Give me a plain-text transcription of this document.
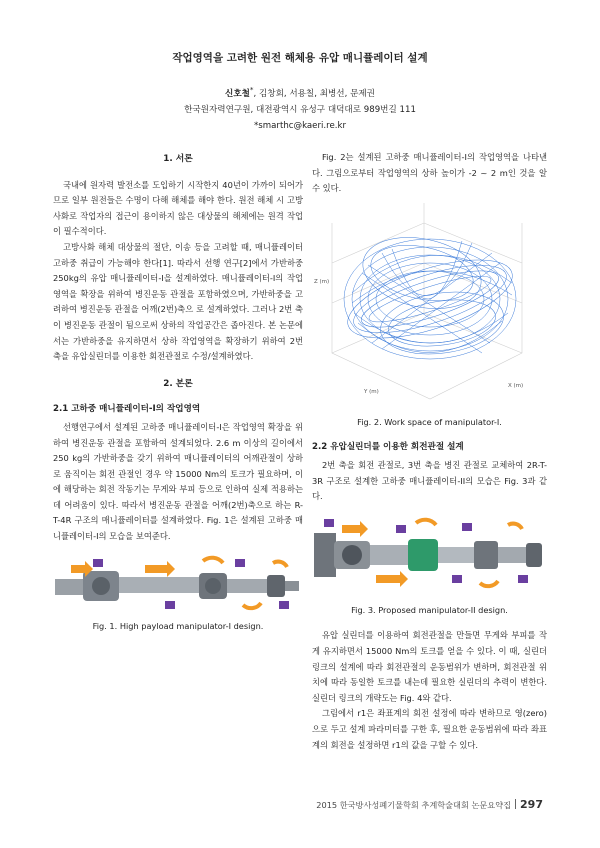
작업영역을 고려한 원전 해체용 유압 매니퓰레이터 설계
신호철*, 김창회, 서용칠, 최병선, 문제권
한국원자력연구원, 대전광역시 유성구 대덕대로 989번길 111
*smarthc@kaeri.re.kr
1. 서론

국내에 원자력 발전소를 도입하기 시작한지 40년이 가까이 되어가므로 일부 원전들은 수명이 다해 해체를 해야 한다. 원전 해체 시 고방사화로 작업자의 접근이 용이하지 않은 대상물의 해체에는 원격 작업이 필수적이다.

고방사화 해체 대상물의 절단, 이송 등을 고려할 때, 매니퓰레이터 고하중 취급이 가능해야 한다[1]. 따라서 선행 연구[2]에서 가반하중 250kg의 유압 매니퓰레이터-I을 설계하였다. 매니퓰레이터-I의 작업영역을 확장을 위하여 병진운동 관절을 포함하였으며, 가반하중을 고려하여 병진운동 관절을 어깨(2번)축으 로 설계하였다. 그러나 2번 축이 병진운동 관절이 됨으로써 상하의 작업공간은 좁아진다. 본 논문에서는 가반하중을 유지하면서 상하 작업영역을 확장하기 위하여 2번 축을 유압실린더를 이용한 회전관절로 수정/설계하였다.

2. 본론
2.1 고하중 매니퓰레이터-I의 작업영역

선행연구에서 설계된 고하중 매니퓰레이터-I은 작업영역 확장을 위하여 병진운동 관절을 포함하여 설계되었다. 2.6 m 이상의 길이에서 250 kg의 가반하중을 갖기 위하여 매니퓰레이터의 어깨관절이 상하로 움직이는 회전 관절인 경우 약 15000 Nm의 토크가 필요하며, 이에 해당하는 회전 작동기는 무게와 부피 등으로 인하여 실제 적용하는데 어려움이 있다. 따라서 병진운동 관절을 어깨(2번)축으로 하는 R-T-4R 구조의 매니퓰레이터를 설계하였다. Fig. 1은 설계된 고하중 매니퓰레이터-I의 모습을 보여준다.

Fig. 1. High payload manipulator-I design.

Fig. 2는 설계된 고하중 매니퓰레이터-I의 작업영역을 나타낸다. 그림으로부터 작업영역의 상하 높이가 -2 ~ 2 m인 것을 알 수 있다.

Z (m)
X (m)
Y (m)
Fig. 2. Work space of manipulator-I.
2.2 유압실린더를 이용한 회전관절 설계

2번 축을 회전 관절로, 3번 축을 병진 관절로 교체하여 2R-T-3R 구조로 설계한 고하중 매니퓰레이터-II의 모습은 Fig. 3과 같다.

Fig. 3. Proposed manipulator-II design.

유압 실린더를 이용하여 회전관절을 만들면 무게와 부피를 작게 유지하면서 15000 Nm의 토크를 얻을 수 있다. 이 때, 실린더 링크의 설계에 따라 회전관절의 운동범위가 변하며, 회전관절 위치에 따라 동일한 토크를 내는데 필요한 실린더의 추력이 변한다. 실린더 링크의 개략도는 Fig. 4와 같다.

그림에서 r1은 좌표계의 회전 설정에 따라 변하므로 영(zero)으로 두고 설계 파라미터를 구한 후, 필요한 운동범위에 따라 좌표계의 회전을 설정하면 r1의 값을 구할 수 있다.

2015 한국방사성폐기물학회 추계학술대회 논문요약집 297
